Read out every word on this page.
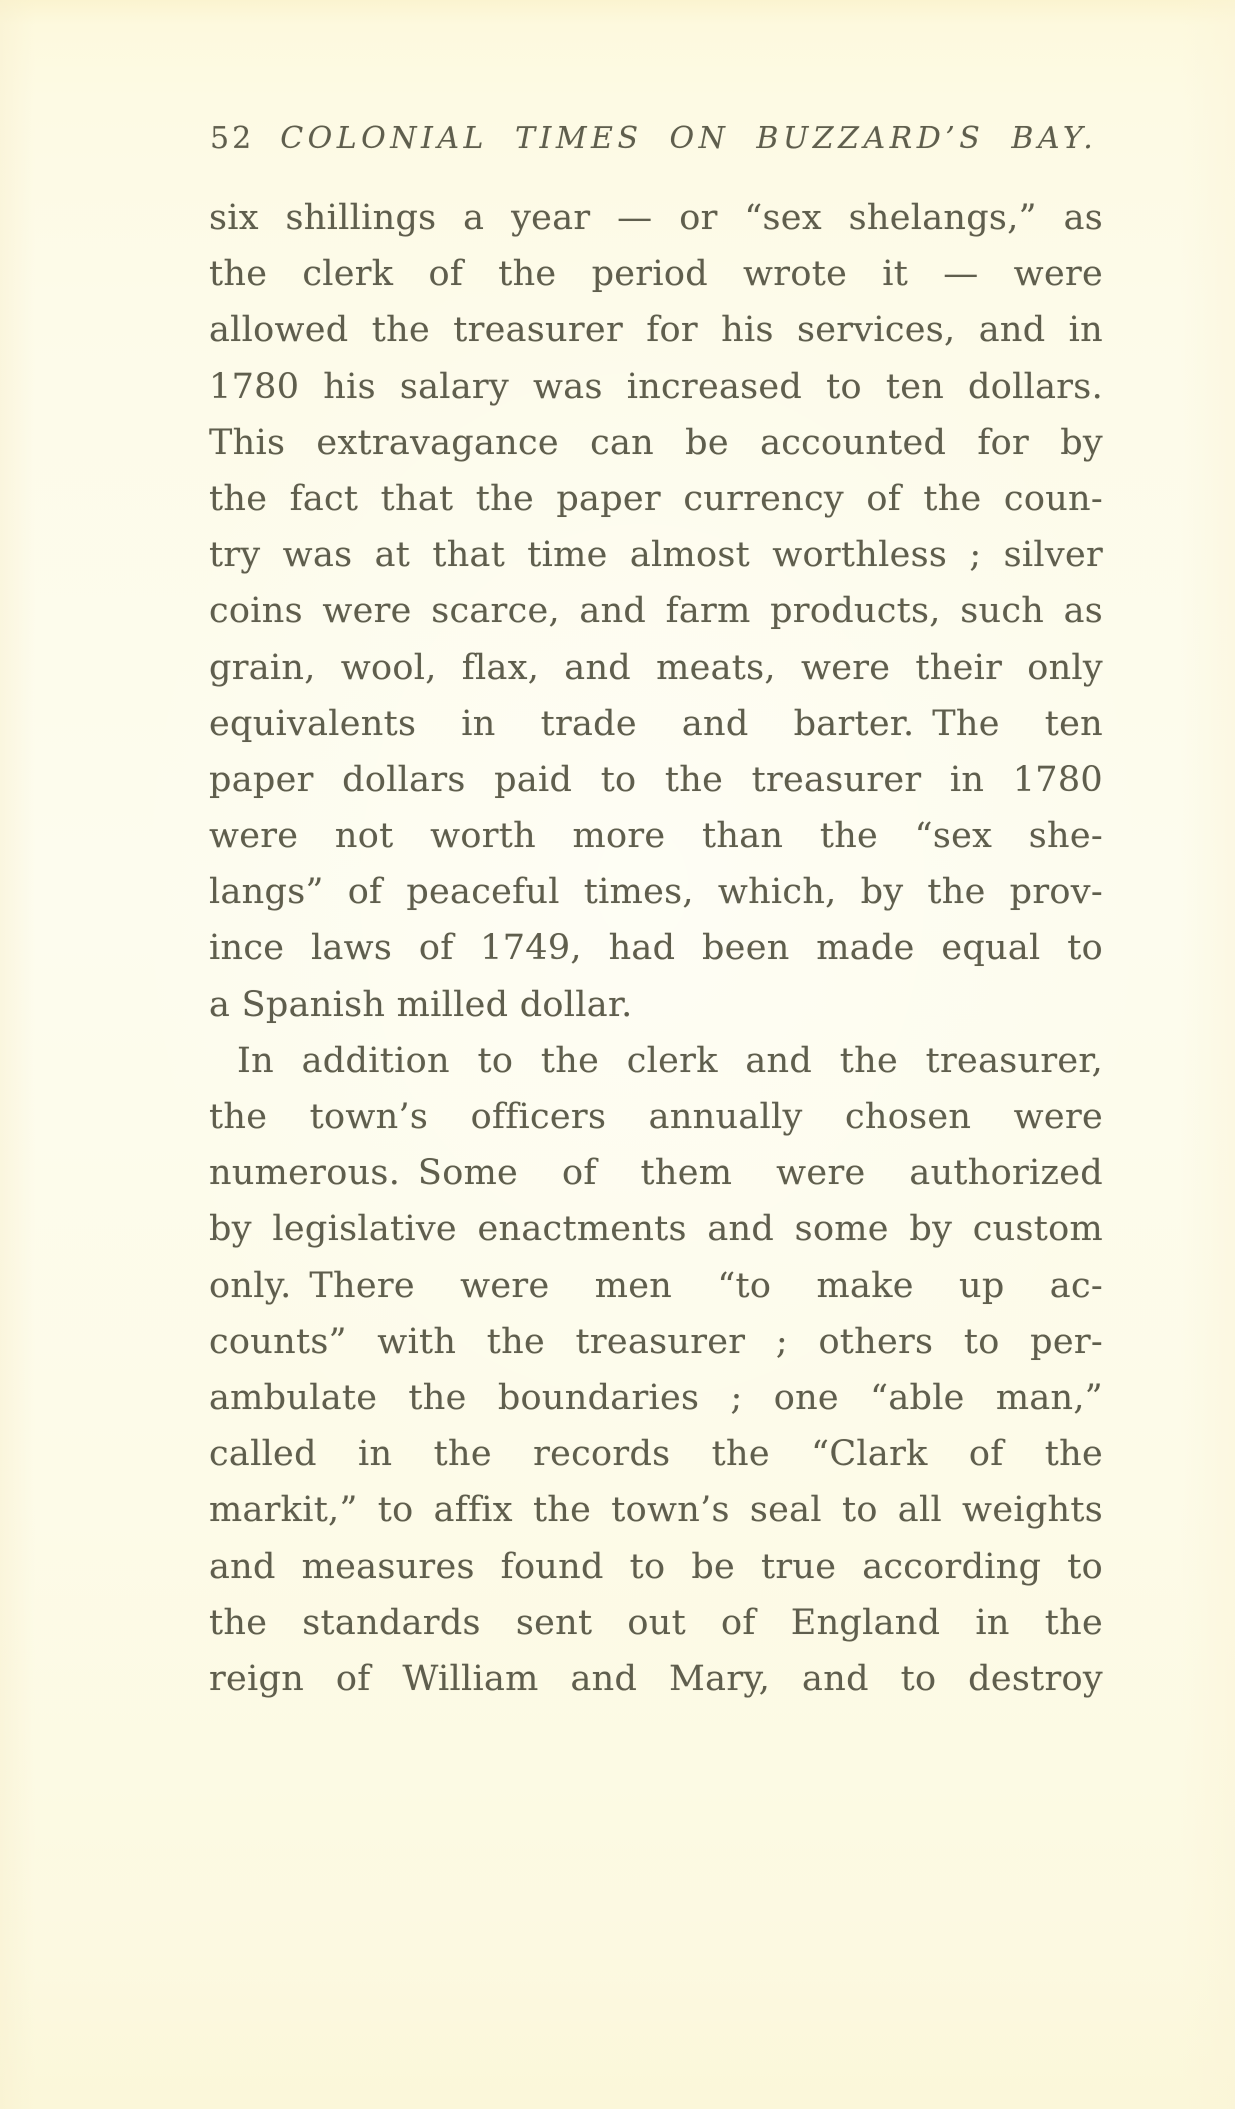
52 COLONIAL TIMES ON BUZZARD’S BAY.
six shillings a year — or “sex shelangs,” as
the clerk of the period wrote it — were
allowed the treasurer for his services, and in
1780 his salary was increased to ten dollars.
This extravagance can be accounted for by
the fact that the paper currency of the coun-
try was at that time almost worthless ; silver
coins were scarce, and farm products, such as
grain, wool, flax, and meats, were their only
equivalents in trade and barter. The ten
paper dollars paid to the treasurer in 1780
were not worth more than the “sex she-
langs” of peaceful times, which, by the prov-
ince laws of 1749, had been made equal to
a Spanish milled dollar.
In addition to the clerk and the treasurer,
the town’s officers annually chosen were
numerous. Some of them were authorized
by legislative enactments and some by custom
only. There were men “to make up ac-
counts” with the treasurer ; others to per-
ambulate the boundaries ; one “able man,”
called in the records the “Clark of the
markit,” to affix the town’s seal to all weights
and measures found to be true according to
the standards sent out of England in the
reign of William and Mary, and to destroy
